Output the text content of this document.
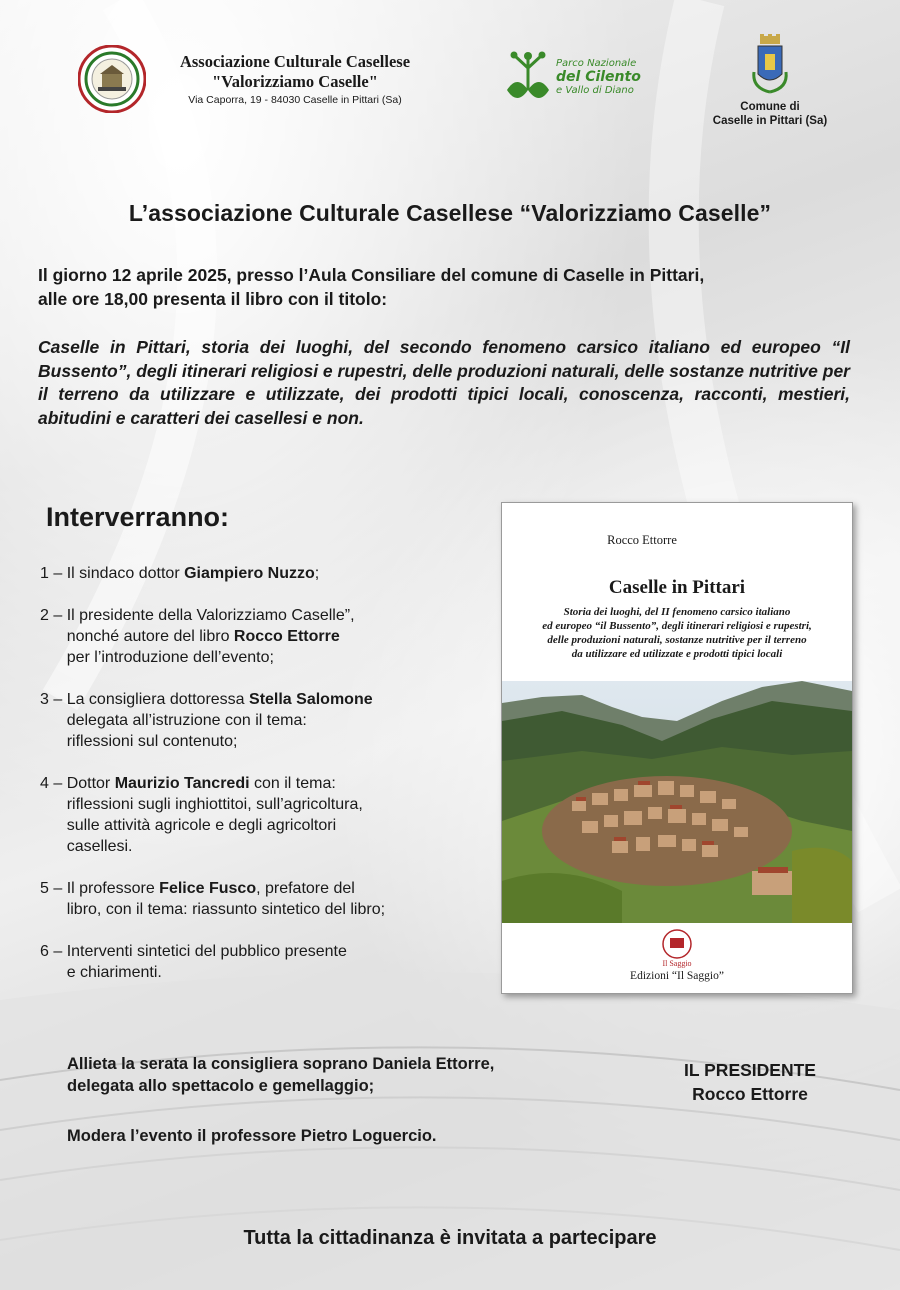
Associazione Culturale Casellese
"Valorizziamo Caselle"
Via Caporra, 19 - 84030 Caselle in Pittari (Sa)
Parco Nazionale
del Cilento
e Vallo di Diano
Comune di
Caselle in Pittari (Sa)
L’associazione Culturale Casellese “Valorizziamo Caselle”
Il giorno 12 aprile 2025, presso l’Aula Consiliare del comune di Caselle in Pittari,
alle ore 18,00 presenta il libro con il titolo:
Caselle in Pittari, storia dei luoghi, del secondo fenomeno carsico italiano ed europeo “Il Bussento”, degli itinerari religiosi e rupestri, delle produzioni naturali, delle sostanze nutritive per il terreno da utilizzare e utilizzate, dei prodotti tipici locali, conoscenza, racconti, mestieri, abitudini e caratteri dei casellesi e non.
Interverranno:
1 – Il sindaco dottor Giampiero Nuzzo;
2 – Il presidente della Valorizziamo Caselle”,
nonché autore del libro Rocco Ettorre
per l’introduzione dell’evento;
3 – La consigliera dottoressa Stella Salomone
delegata all’istruzione con il tema:
riflessioni sul contenuto;
4 – Dottor Maurizio Tancredi con il tema:
riflessioni sugli inghiottitoi, sull’agricoltura,
sulle attività agricole e degli agricoltori
casellesi.
5 – Il professore Felice Fusco, prefatore del
libro, con il tema: riassunto sintetico del libro;
6 – Interventi sintetici del pubblico presente
e chiarimenti.
Rocco Ettorre
Caselle in Pittari
Storia dei luoghi, del II fenomeno carsico italiano
ed europeo “il Bussento”, degli itinerari religiosi e rupestri,
delle produzioni naturali, sostanze nutritive per il terreno
da utilizzare ed utilizzate e prodotti tipici locali
Il Saggio
Edizioni “Il Saggio”
Allieta la serata la consigliera soprano Daniela Ettorre,
delegata allo spettacolo e gemellaggio;
Modera l’evento il professore Pietro Loguercio.
IL PRESIDENTE
Rocco Ettorre
Tutta la cittadinanza è invitata a partecipare
